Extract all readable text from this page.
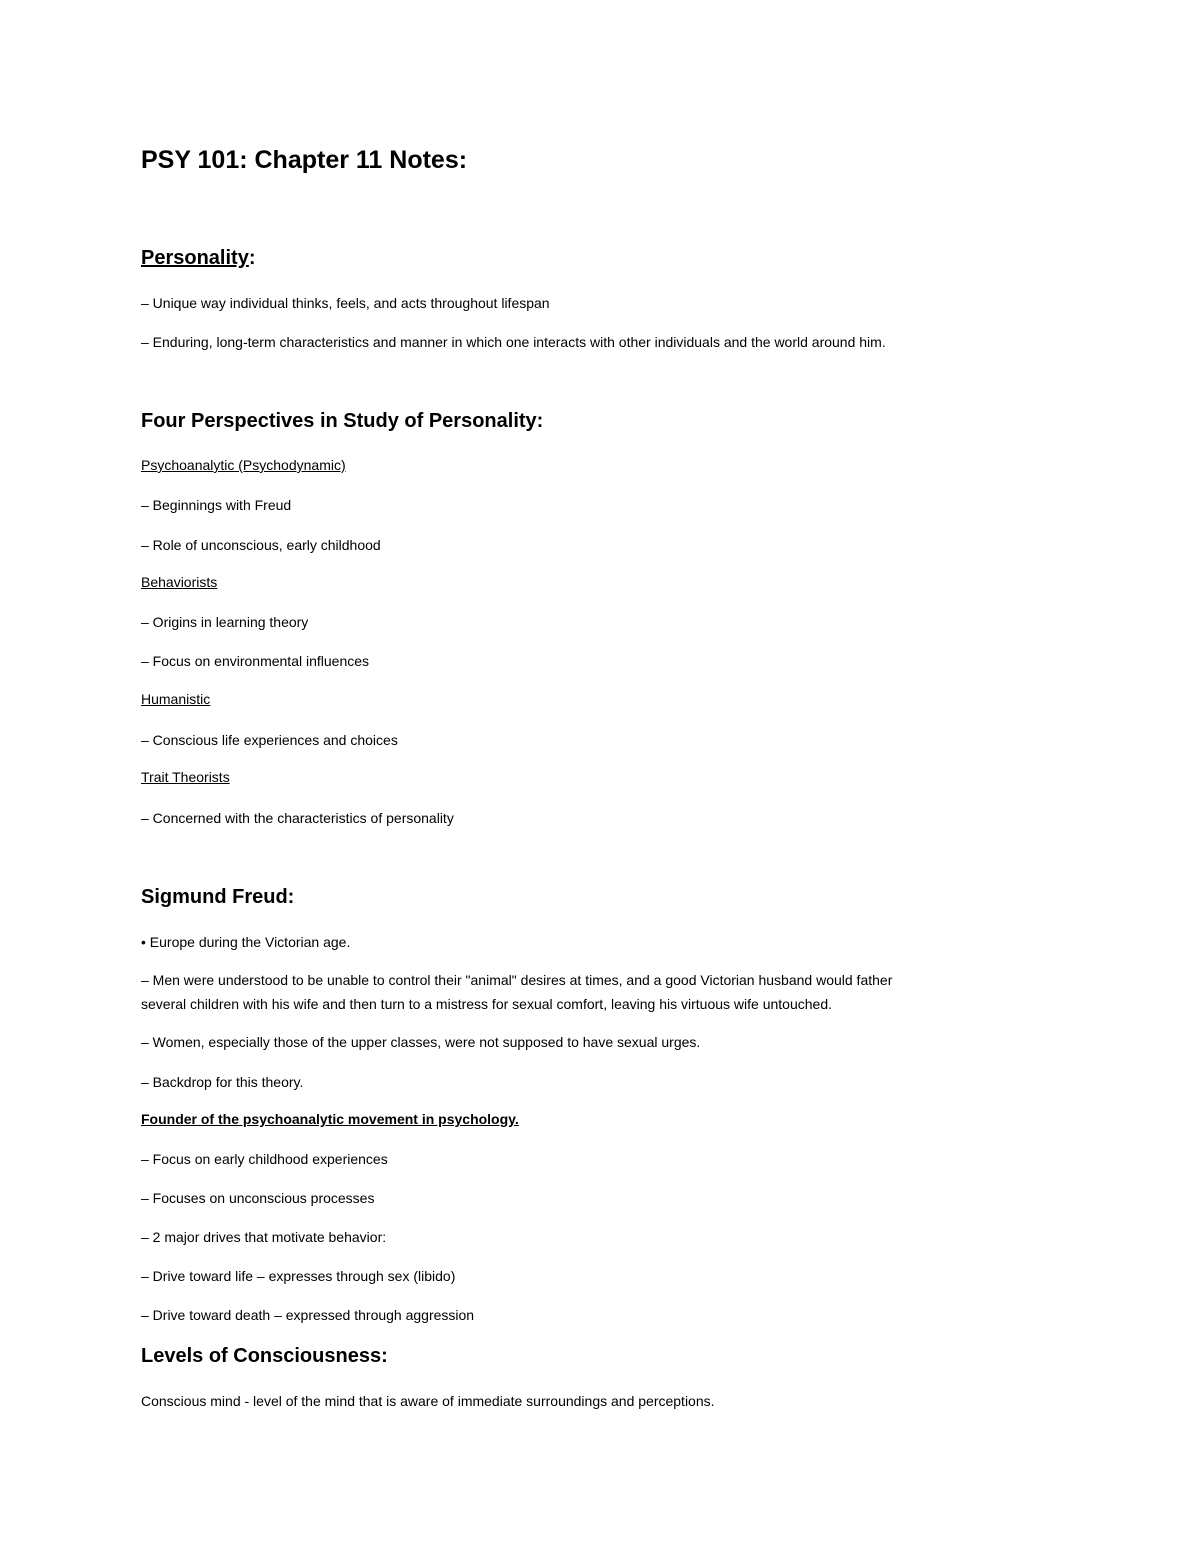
PSY 101: Chapter 11 Notes:
Personality:
– Unique way individual thinks, feels, and acts throughout lifespan
– Enduring, long-term characteristics and manner in which one interacts with other individuals and the world around him.
Four Perspectives in Study of Personality:
Psychoanalytic (Psychodynamic)
– Beginnings with Freud
– Role of unconscious, early childhood
Behaviorists
– Origins in learning theory
– Focus on environmental influences
Humanistic
– Conscious life experiences and choices
Trait Theorists
– Concerned with the characteristics of personality
Sigmund Freud:
• Europe during the Victorian age.
– Men were understood to be unable to control their "animal" desires at times, and a good Victorian husband would father
several children with his wife and then turn to a mistress for sexual comfort, leaving his virtuous wife untouched.
– Women, especially those of the upper classes, were not supposed to have sexual urges.
– Backdrop for this theory.
Founder of the psychoanalytic movement in psychology.
– Focus on early childhood experiences
– Focuses on unconscious processes
– 2 major drives that motivate behavior:
– Drive toward life – expresses through sex (libido)
– Drive toward death – expressed through aggression
Levels of Consciousness:
Conscious mind - level of the mind that is aware of immediate surroundings and perceptions.
